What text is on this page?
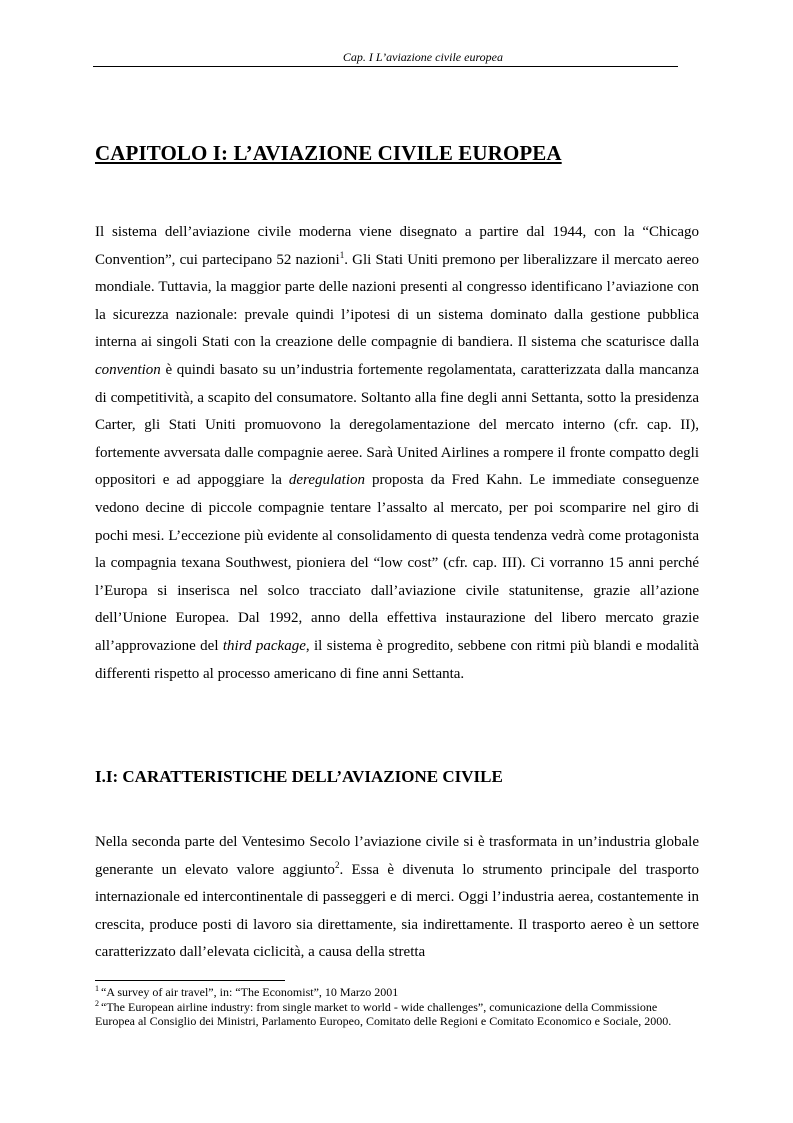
Cap. I L’aviazione civile europea
CAPITOLO I: L’AVIAZIONE CIVILE EUROPEA

Il sistema dell’aviazione civile moderna viene disegnato a partire dal 1944, con la “Chicago Convention”, cui partecipano 52 nazioni$^1$. Gli Stati Uniti premono per liberalizzare il mercato aereo mondiale. Tuttavia, la maggior parte delle nazioni presenti al congresso identificano l’aviazione con la sicurezza nazionale: prevale quindi l’ipotesi di un sistema dominato dalla gestione pubblica interna ai singoli Stati con la creazione delle compagnie di bandiera. Il sistema che scaturisce dalla convention è quindi basato su un’industria fortemente regolamentata, caratterizzata dalla mancanza di competitività, a scapito del consumatore. Soltanto alla fine degli anni Settanta, sotto la presidenza Carter, gli Stati Uniti promuovono la deregolamentazione del mercato interno (cfr. cap. II), fortemente avversata dalle compagnie aeree. Sarà United Airlines a rompere il fronte compatto degli oppositori e ad appoggiare la deregulation proposta da Fred Kahn. Le immediate conseguenze vedono decine di piccole compagnie tentare l’assalto al mercato, per poi scomparire nel giro di pochi mesi. L’eccezione più evidente al consolidamento di questa tendenza vedrà come protagonista la compagnia texana Southwest, pioniera del “low cost” (cfr. cap. III). Ci vorranno 15 anni perché l’Europa si inserisca nel solco tracciato dall’aviazione civile statunitense, grazie all’azione dell’Unione Europea. Dal 1992, anno della effettiva instaurazione del libero mercato grazie all’approvazione del third package, il sistema è progredito, sebbene con ritmi più blandi e modalità differenti rispetto al processo americano di fine anni Settanta.

I.I: CARATTERISTICHE DELL’AVIAZIONE CIVILE

Nella seconda parte del Ventesimo Secolo l’aviazione civile si è trasformata in un’industria globale generante un elevato valore aggiunto$^2$. Essa è divenuta lo strumento principale del trasporto internazionale ed intercontinentale di passeggeri e di merci. Oggi l’industria aerea, costantemente in crescita, produce posti di lavoro sia direttamente, sia indirettamente. Il trasporto aereo è un settore caratterizzato dall’elevata ciclicità, a causa della stretta

$^1$ “A survey of air travel”, in: “The Economist”, 10 Marzo 2001

$^2$ “The European airline industry: from single market to world - wide challenges”, comunicazione della Commissione Europea al Consiglio dei Ministri, Parlamento Europeo, Comitato delle Regioni e Comitato Economico e Sociale, 2000.
